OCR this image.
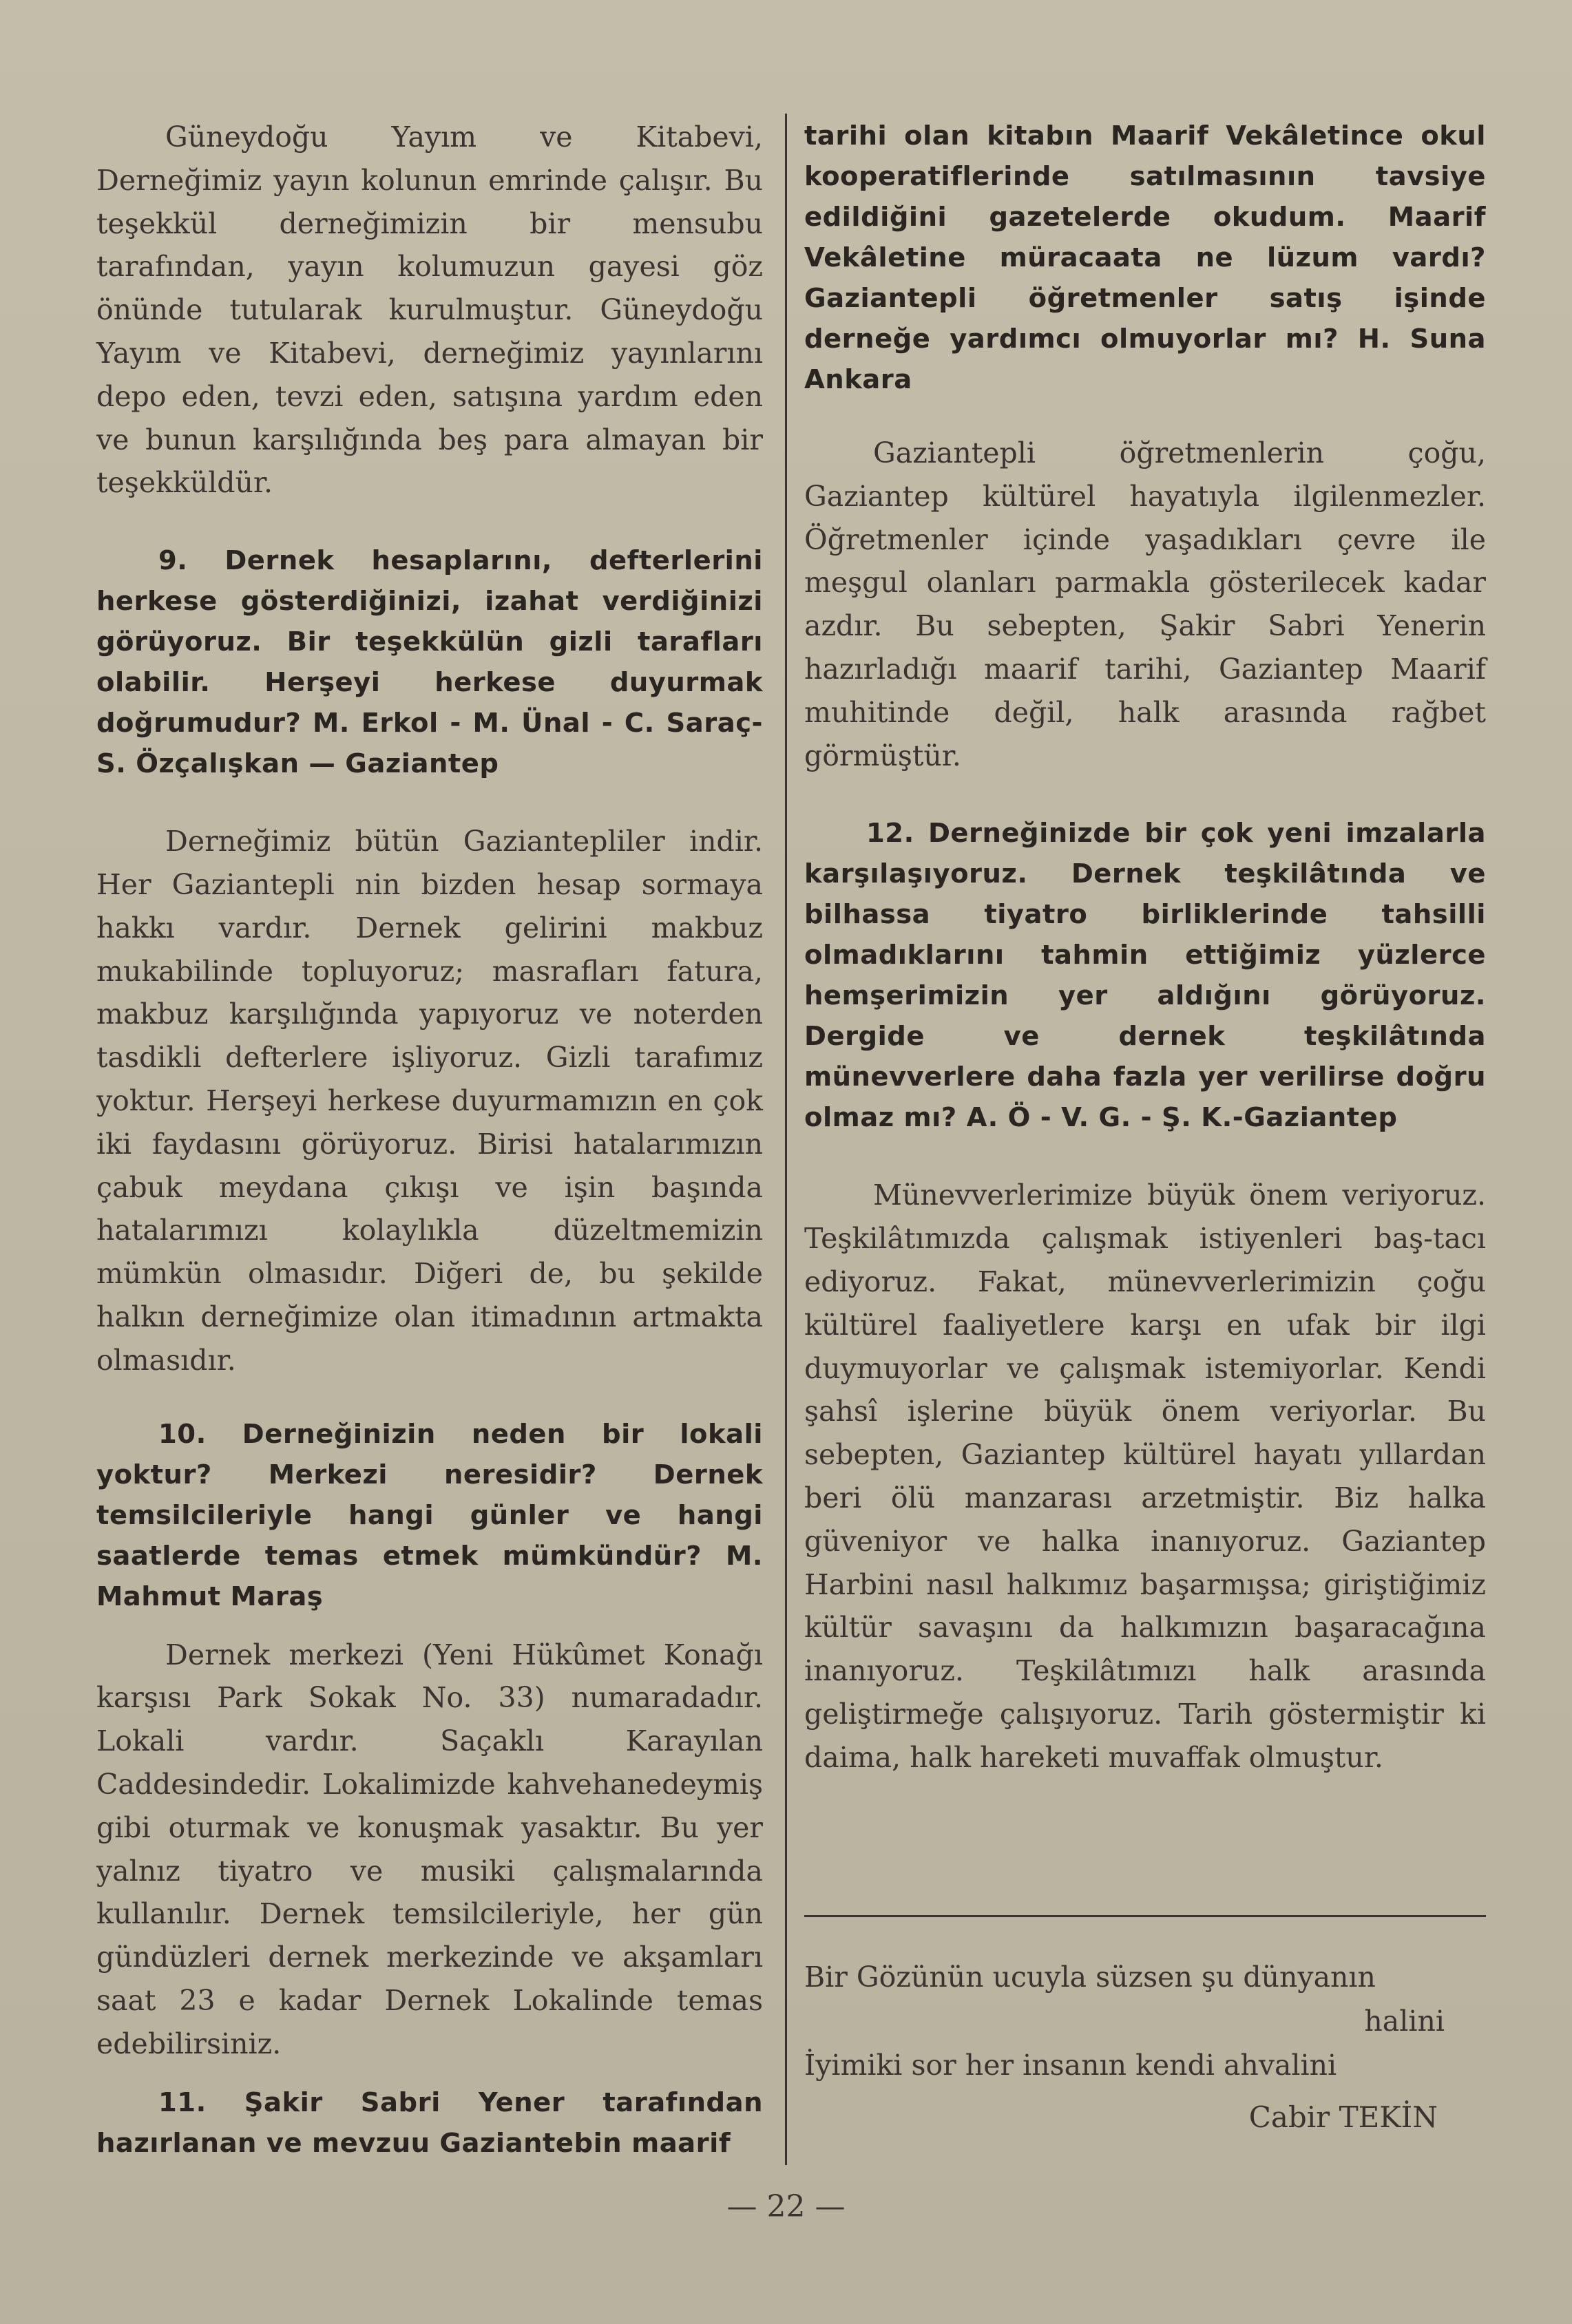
Güneydoğu Yayım ve Kitabevi, Derneğimiz yayın kolunun emrinde çalışır. Bu teşekkül derneğimizin bir mensubu tarafından, yayın kolumuzun gayesi göz önünde tutularak kurulmuştur. Güneydoğu Yayım ve Kitabevi, derneğimiz yayınlarını depo eden, tevzi eden, satışına yardım eden ve bunun karşılığında beş para almayan bir teşekküldür.

9. Dernek hesaplarını, defterlerini herkese gösterdiğinizi, izahat verdiğinizi görüyoruz. Bir teşekkülün gizli tarafları olabilir. Herşeyi herkese duyurmak doğrumudur? M. Erkol - M. Ünal - C. Saraç-S. Özçalışkan — Gaziantep

Derneğimiz bütün Gaziantepliler indir. Her Gaziantepli nin bizden hesap sormaya hakkı vardır. Dernek gelirini makbuz mukabilinde topluyoruz; masrafları fatura, makbuz karşılığında yapıyoruz ve noterden tasdikli defterlere işliyoruz. Gizli tarafımız yoktur. Herşeyi herkese duyurmamızın en çok iki faydasını görüyoruz. Birisi hatalarımızın çabuk meydana çıkışı ve işin başında hatalarımızı kolaylıkla düzeltmemizin mümkün olmasıdır. Diğeri de, bu şekilde halkın derneğimize olan itimadının artmakta olmasıdır.

10. Derneğinizin neden bir lokali yoktur? Merkezi neresidir? Dernek temsilcileriyle hangi günler ve hangi saatlerde temas etmek mümkündür? M. Mahmut Maraş

Dernek merkezi (Yeni Hükûmet Konağı karşısı Park Sokak No. 33) numaradadır. Lokali vardır. Saçaklı Karayılan Caddesindedir. Lokalimizde kahvehanedeymiş gibi oturmak ve konuşmak yasaktır. Bu yer yalnız tiyatro ve musiki çalışmalarında kullanılır. Dernek temsilcileriyle, her gün gündüzleri dernek merkezinde ve akşamları saat 23 e kadar Dernek Lokalinde temas edebilirsiniz.

11. Şakir Sabri Yener tarafından hazırlanan ve mevzuu Gaziantebin maarif

tarihi olan kitabın Maarif Vekâletince okul kooperatiflerinde satılmasının tavsiye edildiğini gazetelerde okudum. Maarif Vekâletine müracaata ne lüzum vardı? Gaziantepli öğretmenler satış işinde derneğe yardımcı olmuyorlar mı? H. Suna Ankara

Gaziantepli öğretmenlerin çoğu, Gaziantep kültürel hayatıyla ilgilenmezler. Öğretmenler içinde yaşadıkları çevre ile meşgul olanları parmakla gösterilecek kadar azdır. Bu sebepten, Şakir Sabri Yenerin hazırladığı maarif tarihi, Gaziantep Maarif muhitinde değil, halk arasında rağbet görmüştür.

12. Derneğinizde bir çok yeni imzalarla karşılaşıyoruz. Dernek teşkilâtında ve bilhassa tiyatro birliklerinde tahsilli olmadıklarını tahmin ettiğimiz yüzlerce hemşerimizin yer aldığını görüyoruz. Dergide ve dernek teşkilâtında münevverlere daha fazla yer verilirse doğru olmaz mı? A. Ö - V. G. - Ş. K.-Gaziantep

Münevverlerimize büyük önem veriyoruz. Teşkilâtımızda çalışmak istiyenleri baş-tacı ediyoruz. Fakat, münevverlerimizin çoğu kültürel faaliyetlere karşı en ufak bir ilgi duymuyorlar ve çalışmak istemiyorlar. Kendi şahsî işlerine büyük önem veriyorlar. Bu sebepten, Gaziantep kültürel hayatı yıllardan beri ölü manzarası arzetmiştir. Biz halka güveniyor ve halka inanıyoruz. Gaziantep Harbini nasıl halkımız başarmışsa; giriştiğimiz kültür savaşını da halkımızın başaracağına inanıyoruz. Teşkilâtımızı halk arasında geliştirmeğe çalışıyoruz. Tarih göstermiştir ki daima, halk hareketi muvaffak olmuştur.

Bir Gözünün ucuyla süzsen şu dünyanın
halini
İyimiki sor her insanın kendi ahvalini
Cabir TEKİN
— 22 —
